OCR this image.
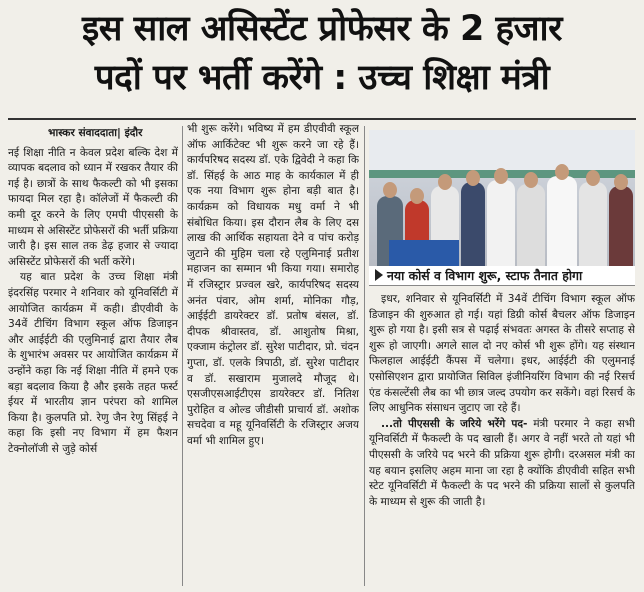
इस साल असिस्टेंट प्रोफेसर के 2 हजार
पदों पर भर्ती करेंगे : उच्च शिक्षा मंत्री
भास्कर संवाददाता| इंदौर

नई शिक्षा नीति न केवल प्रदेश बल्कि देश में व्यापक बदलाव को ध्यान में रखकर तैयार की गई है। छात्रों के साथ फैकल्टी को भी इसका फायदा मिल रहा है। कॉलेजों में फैकल्टी की कमी दूर करने के लिए एमपी पीएससी के माध्यम से असिस्टेंट प्रोफेसरों की भर्ती प्रक्रिया जारी है। इस साल तक डेढ़ हजार से ज्यादा असिस्टेंट प्रोफेसरों की भर्ती करेंगे।

यह बात प्रदेश के उच्च शिक्षा मंत्री इंदरसिंह परमार ने शनिवार को यूनिवर्सिटी में आयोजित कार्यक्रम में कही। डीएवीवी के 34वें टीचिंग विभाग स्कूल ऑफ डिजाइन और आईईटी की एलुमिनाई द्वारा तैयार लैब के शुभारंभ अवसर पर आयोजित कार्यक्रम में उन्होंने कहा कि नई शिक्षा नीति में हमने एक बड़ा बदलाव किया है और इसके तहत फर्स्ट ईयर में भारतीय ज्ञान परंपरा को शामिल किया है। कुलपति प्रो. रेणु जैन रेणु सिंहई ने कहा कि इसी नए विभाग में हम फैशन टेक्नोलॉजी से जुड़े कोर्स

भी शुरू करेंगे। भविष्य में हम डीएवीवी स्कूल ऑफ आर्किटेक्ट भी शुरू करने जा रहे हैं। कार्यपरिषद सदस्य डॉ. एके द्विवेदी ने कहा कि डॉ. सिंहई के आठ माह के कार्यकाल में ही एक नया विभाग शुरू होना बड़ी बात है। कार्यक्रम को विधायक मधु वर्मा ने भी संबोधित किया। इस दौरान लैब के लिए दस लाख की आर्थिक सहायता देने व पांच करोड़ जुटाने की मुहिम चला रहे एलुमिनाई प्रतीश महाजन का सम्मान भी किया गया। समारोह में रजिस्ट्रार प्रज्वल खरे, कार्यपरिषद सदस्य अनंत पंवार, ओम शर्मा, मोनिका गौड़, आईईटी डायरेक्टर डॉ. प्रतोष बंसल, डॉ. दीपक श्रीवास्तव, डॉ. आशुतोष मिश्रा, एक्जाम कंट्रोलर डॉ. सुरेश पाटीदार, प्रो. चंदन गुप्ता, डॉ. एलके त्रिपाठी, डॉ. सुरेश पाटीदार व डॉ. सखाराम मुजालदे मौजूद थे। एसजीएसआईटीएस डायरेक्टर डॉ. नितिश पुरोहित व ओल्ड जीडीसी प्राचार्य डॉ. अशोक सचदेवा व महू यूनिवर्सिटी के रजिस्ट्रार अजय वर्मा भी शामिल हुए।

नया कोर्स व विभाग शुरू, स्टाफ तैनात होगा

इधर, शनिवार से यूनिवर्सिटी में 34वें टीचिंग विभाग स्कूल ऑफ डिजाइन की शुरुआत हो गई। यहां डिग्री कोर्स बैचलर ऑफ डिजाइन शुरू हो गया है। इसी सत्र से पढ़ाई संभवतः अगस्त के तीसरे सप्ताह से शुरू हो जाएगी। अगले साल दो नए कोर्स भी शुरू होंगे। यह संस्थान फिलहाल आईईटी कैंपस में चलेगा। इधर, आईईटी की एलुमनाई एसोसिएशन द्वारा प्रायोजित सिविल इंजीनियरिंग विभाग की नई रिसर्च एंड कंसल्टेंसी लैब का भी छात्र जल्द उपयोग कर सकेंगे। वहां रिसर्च के लिए आधुनिक संसाधन जुटाए जा रहे हैं।

...तो पीएससी के जरिये भरेंगे पद- मंत्री परमार ने कहा सभी यूनिवर्सिटी में फैकल्टी के पद खाली हैं। अगर वे नहीं भरते तो यहां भी पीएससी के जरिये पद भरने की प्रक्रिया शुरू होगी। दरअसल मंत्री का यह बयान इसलिए अहम माना जा रहा है क्योंकि डीएवीवी सहित सभी स्टेट यूनिवर्सिटी में फैकल्टी के पद भरने की प्रक्रिया सालों से कुलपति के माध्यम से शुरू की जाती है।
